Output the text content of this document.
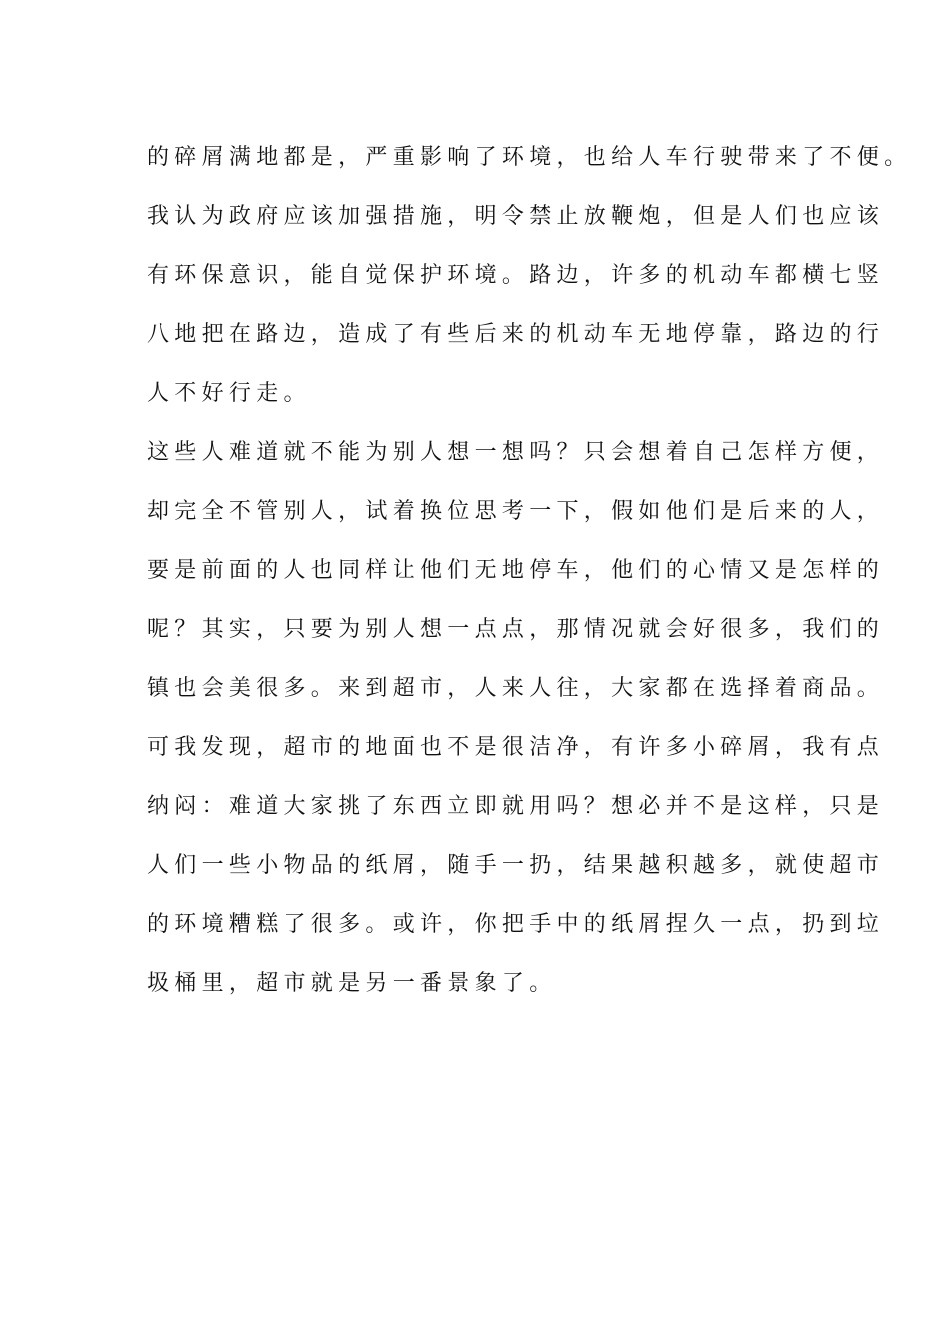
的碎屑满地都是，严重影响了环境，也给人车行驶带来了不便。
我认为政府应该加强措施，明令禁止放鞭炮，但是人们也应该
有环保意识，能自觉保护环境。路边，许多的机动车都横七竖
八地把在路边，造成了有些后来的机动车无地停靠，路边的行
人不好行走。
这些人难道就不能为别人想一想吗？只会想着自己怎样方便，
却完全不管别人，试着换位思考一下，假如他们是后来的人，
要是前面的人也同样让他们无地停车，他们的心情又是怎样的
呢？其实，只要为别人想一点点，那情况就会好很多，我们的
镇也会美很多。来到超市，人来人往，大家都在选择着商品。
可我发现，超市的地面也不是很洁净，有许多小碎屑，我有点
纳闷：难道大家挑了东西立即就用吗？想必并不是这样，只是
人们一些小物品的纸屑，随手一扔，结果越积越多，就使超市
的环境糟糕了很多。或许，你把手中的纸屑捏久一点，扔到垃
圾桶里，超市就是另一番景象了。
